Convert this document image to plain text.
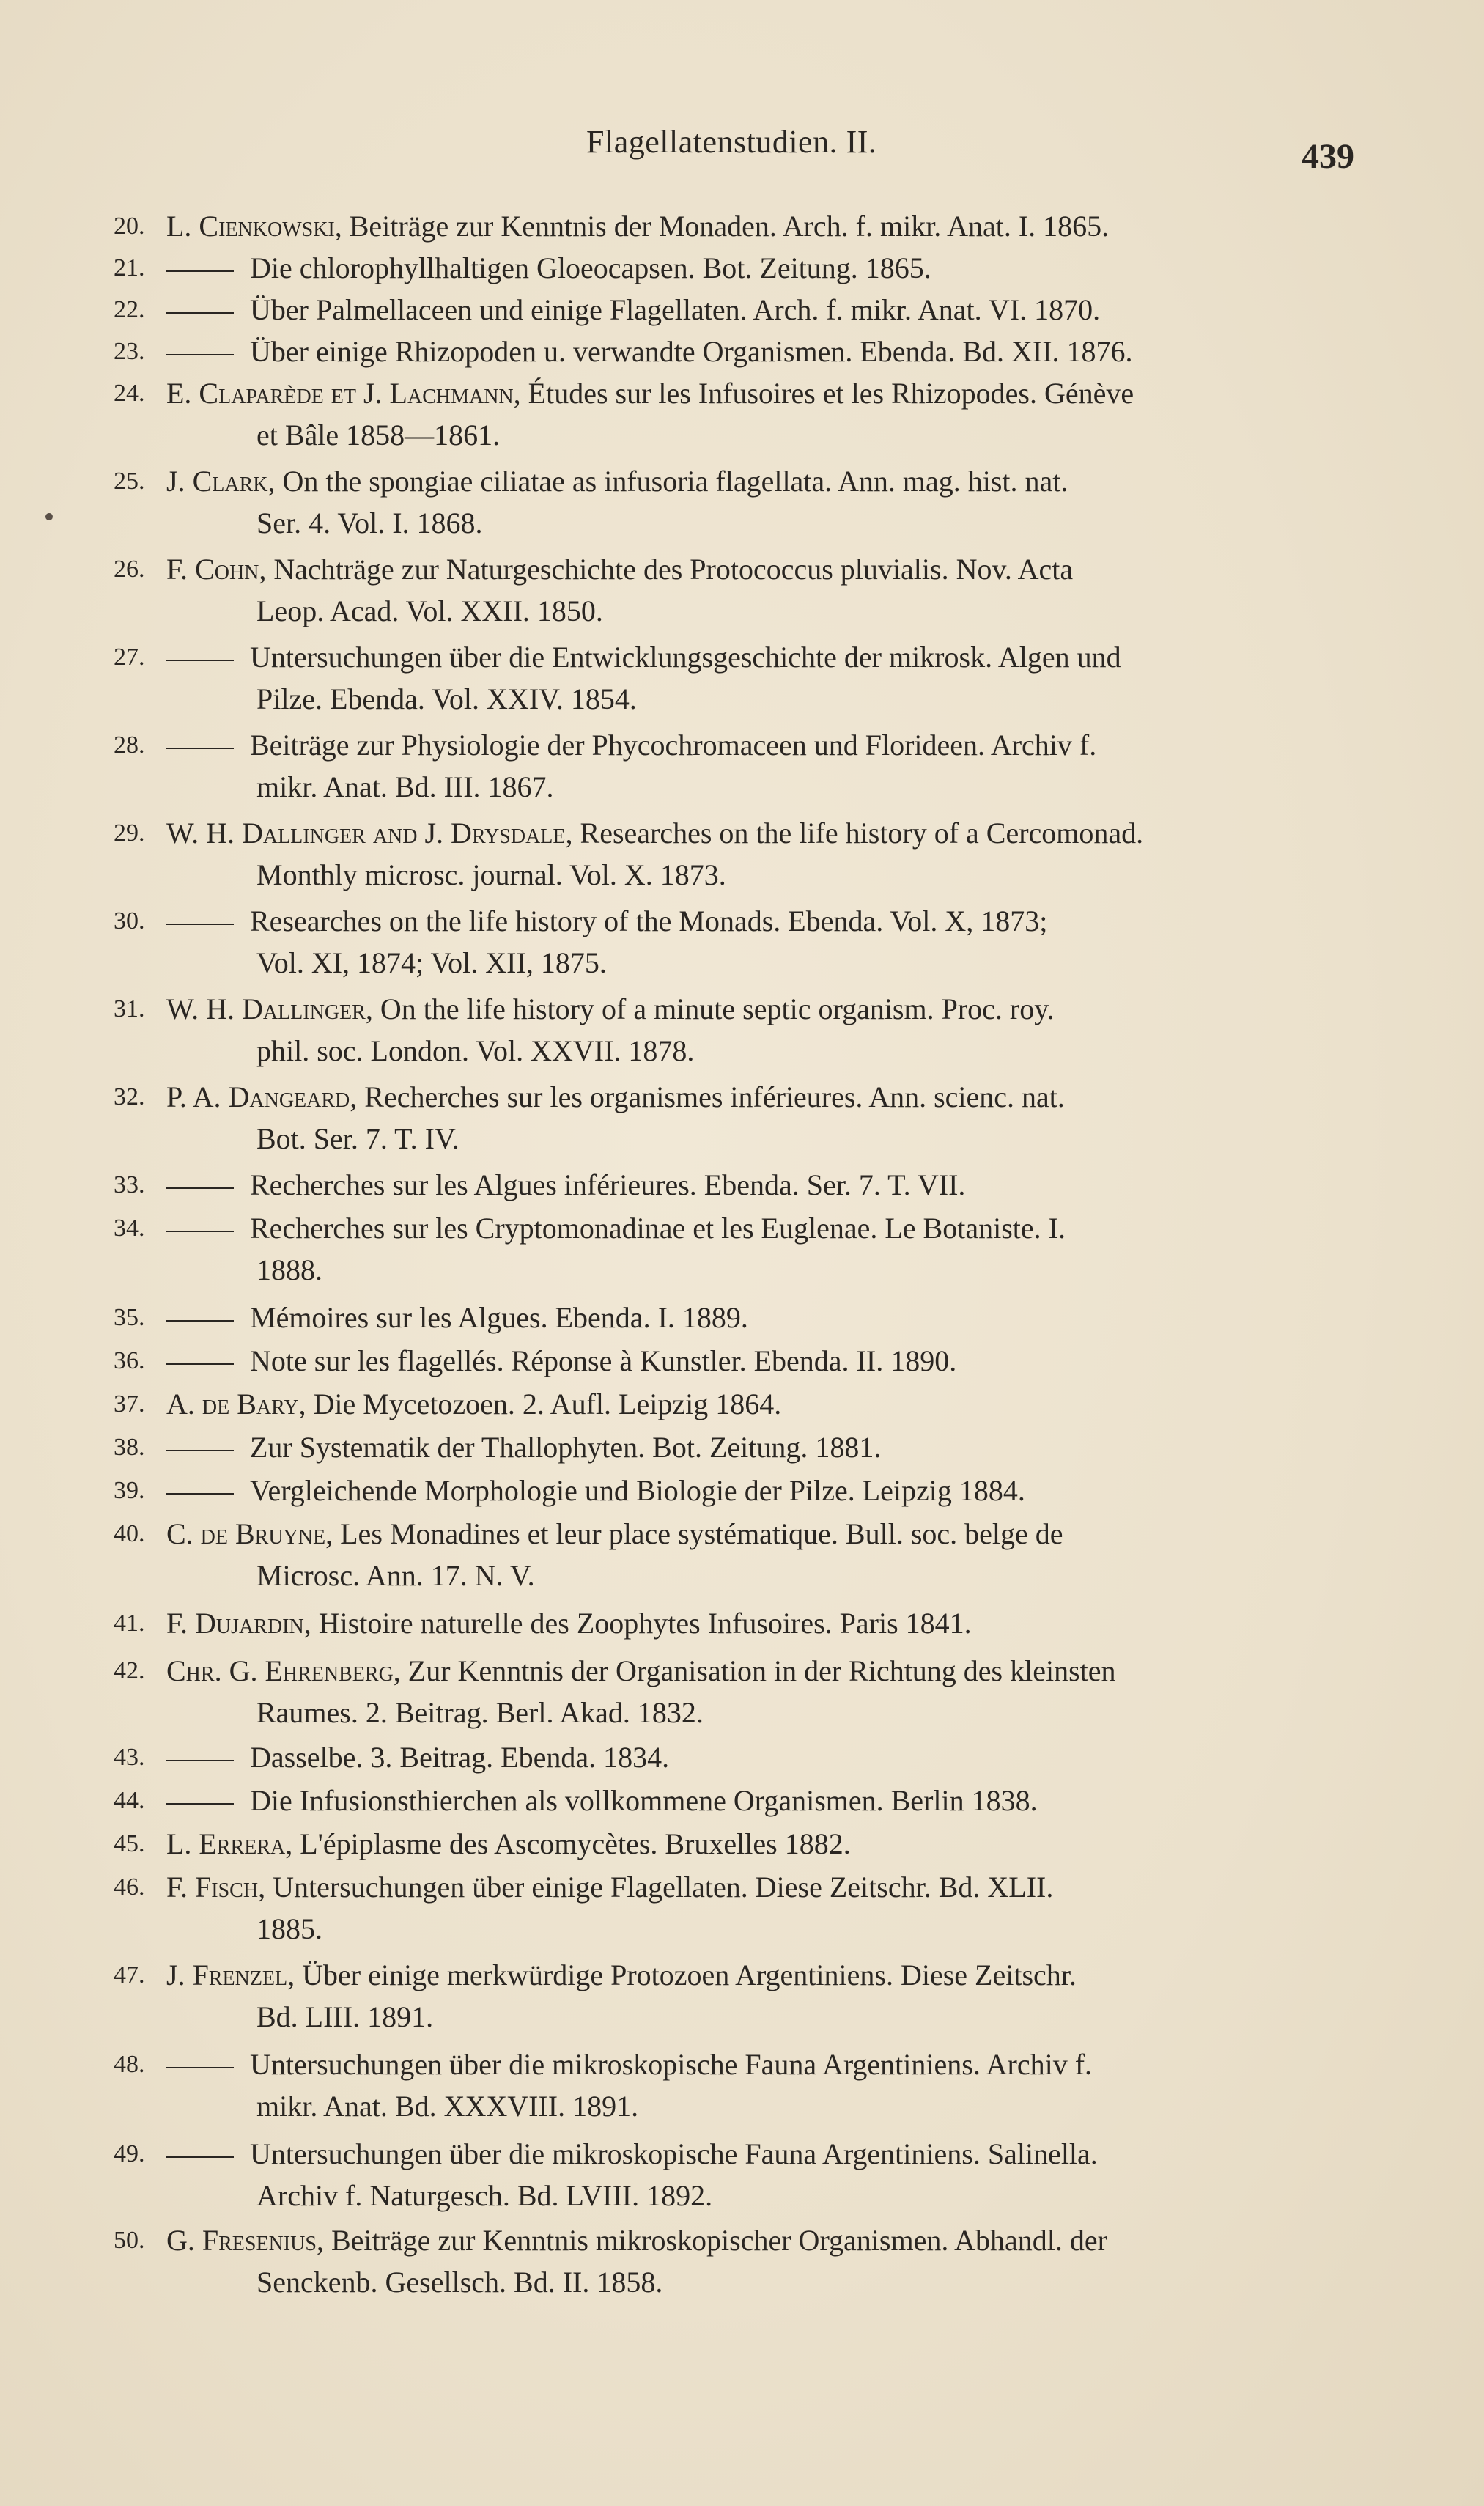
Flagellatenstudien. II.	439
20. L. Cienkowski, Beiträge zur Kenntnis der Monaden. Arch. f. mikr. Anat. I. 1865.
21.	Die chlorophyllhaltigen Gloeocapsen. Bot. Zeitung. 1865.
22.	Über Palmellaceen und einige Flagellaten. Arch. f. mikr. Anat. VI. 1870.
23.	Über einige Rhizopoden u. verwandte Organismen. Ebenda. Bd. XII. 1876.
24. E. Claparède et J. Lachmann, Études sur les Infusoires et les Rhizopodes. Génève
et Bâle 1858—1861.
25. J. Clark, On the spongiae ciliatae as infusoria flagellata. Ann. mag. hist. nat.
Ser. 4. Vol. I. 1868.
26. F. Cohn, Nachträge zur Naturgeschichte des Protococcus pluvialis. Nov. Acta
Leop. Acad. Vol. XXII. 1850.
27.	Untersuchungen über die Entwicklungsgeschichte der mikrosk. Algen und
Pilze. Ebenda. Vol. XXIV. 1854.
28.	Beiträge zur Physiologie der Phycochromaceen und Florideen. Archiv f.
mikr. Anat. Bd. III. 1867.
29. W. H. Dallinger and J. Drysdale, Researches on the life history of a Cercomonad.
Monthly microsc. journal. Vol. X. 1873.
30.	Researches on the life history of the Monads. Ebenda. Vol. X, 1873;
Vol. XI, 1874; Vol. XII, 1875.
31. W. H. Dallinger, On the life history of a minute septic organism. Proc. roy.
phil. soc. London. Vol. XXVII. 1878.
32. P. A. Dangeard, Recherches sur les organismes inférieures. Ann. scienc. nat.
Bot. Ser. 7. T. IV.
33.	Recherches sur les Algues inférieures. Ebenda. Ser. 7. T. VII.
34.	Recherches sur les Cryptomonadinae et les Euglenae. Le Botaniste. I.
1888.
35.	Mémoires sur les Algues. Ebenda. I. 1889.
36.	Note sur les flagellés. Réponse à Kunstler. Ebenda. II. 1890.
37. A. de Bary, Die Mycetozoen. 2. Aufl. Leipzig 1864.
38.	Zur Systematik der Thallophyten. Bot. Zeitung. 1881.
39.	Vergleichende Morphologie und Biologie der Pilze. Leipzig 1884.
40. C. de Bruyne, Les Monadines et leur place systématique. Bull. soc. belge de
Microsc. Ann. 17. N. V.
41. F. Dujardin, Histoire naturelle des Zoophytes Infusoires. Paris 1841.
42. Chr. G. Ehrenberg, Zur Kenntnis der Organisation in der Richtung des kleinsten
Raumes. 2. Beitrag. Berl. Akad. 1832.
43.	Dasselbe. 3. Beitrag. Ebenda. 1834.
44.	Die Infusionsthierchen als vollkommene Organismen. Berlin 1838.
45. L. Errera, L'épiplasme des Ascomycètes. Bruxelles 1882.
46. F. Fisch, Untersuchungen über einige Flagellaten. Diese Zeitschr. Bd. XLII.
1885.
47. J. Frenzel, Über einige merkwürdige Protozoen Argentiniens. Diese Zeitschr.
Bd. LIII. 1891.
48.	Untersuchungen über die mikroskopische Fauna Argentiniens. Archiv f.
mikr. Anat. Bd. XXXVIII. 1891.
49.	Untersuchungen über die mikroskopische Fauna Argentiniens. Salinella.
Archiv f. Naturgesch. Bd. LVIII. 1892.
50. G. Fresenius, Beiträge zur Kenntnis mikroskopischer Organismen. Abhandl. der
Senckenb. Gesellsch. Bd. II. 1858.
